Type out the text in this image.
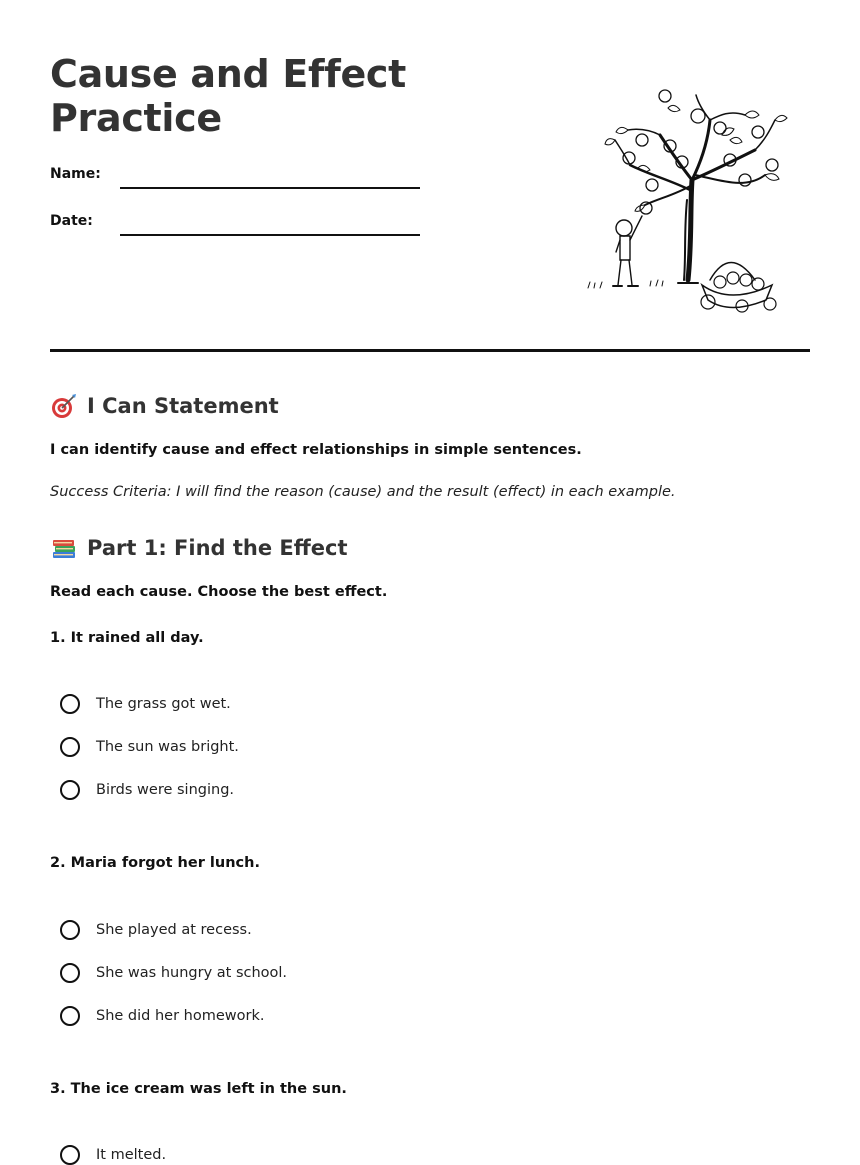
Cause and Effect
Practice
Name:
Date:
I Can Statement
I can identify cause and effect relationships in simple sentences.
Success Criteria: I will find the reason (cause) and the result (effect) in each example.
Part 1: Find the Effect
Read each cause. Choose the best effect.
1. It rained all day.
The grass got wet.
The sun was bright.
Birds were singing.
2. Maria forgot her lunch.
She played at recess.
She was hungry at school.
She did her homework.
3. The ice cream was left in the sun.
It melted.
